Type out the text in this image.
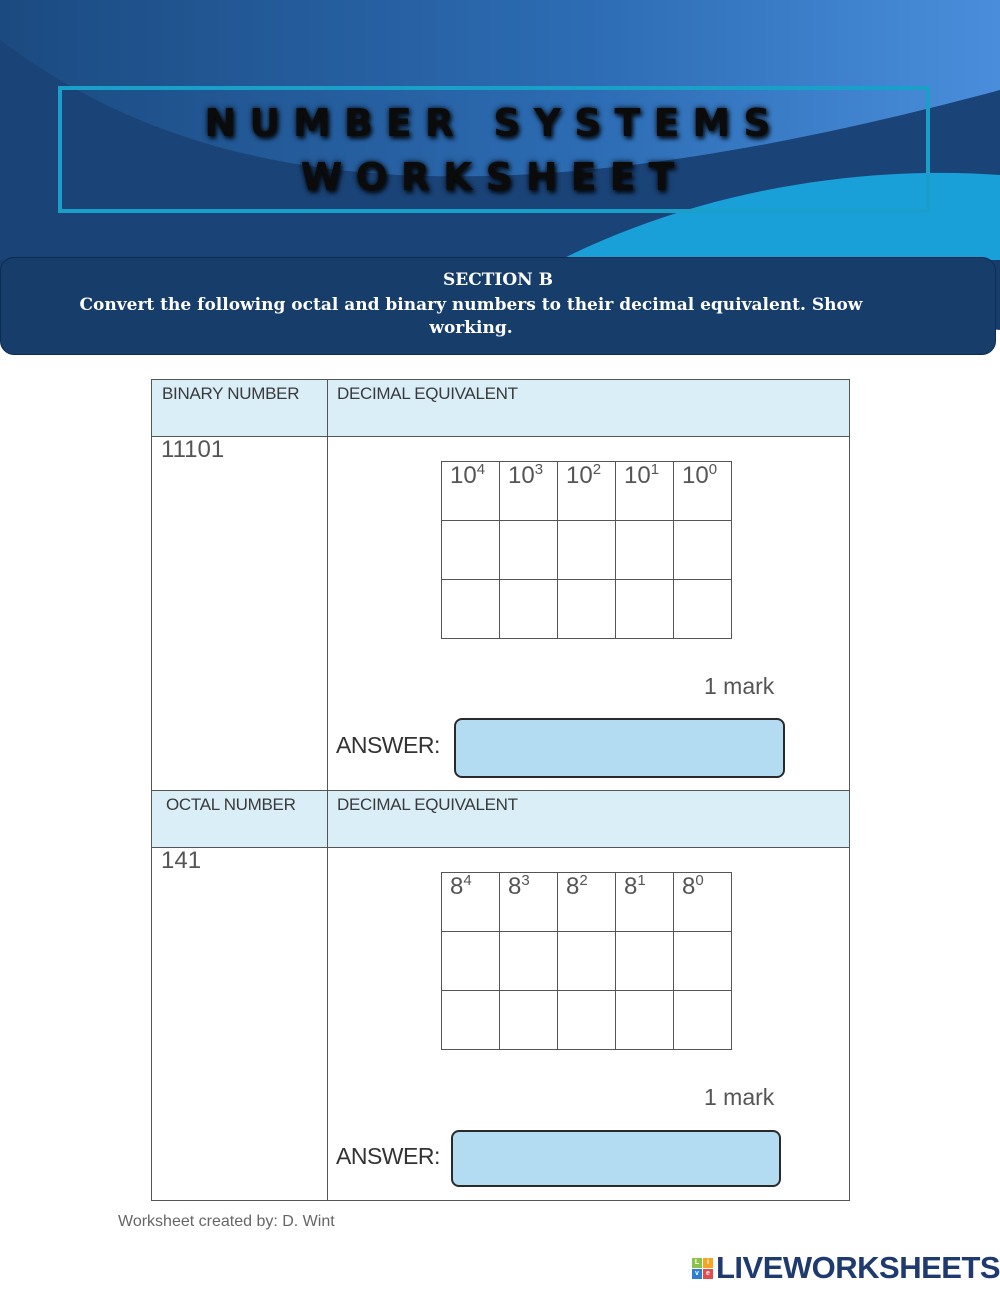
NUMBER SYSTEMS
WORKSHEET
SECTION B
Convert the following octal and binary numbers to their decimal equivalent. Show working.
BINARY NUMBER DECIMAL EQUIVALENT
11101
$10^4$	$10^3$	$10^2$	$10^1$	$10^0$

1 mark
ANSWER:
OCTAL NUMBER DECIMAL EQUIVALENT
141
$8^4$	$8^3$	$8^2$	$8^1$	$8^0$

1 mark
ANSWER:
Worksheet created by: D. Wint
L	i
v	e LIVEWORKSHEETS
